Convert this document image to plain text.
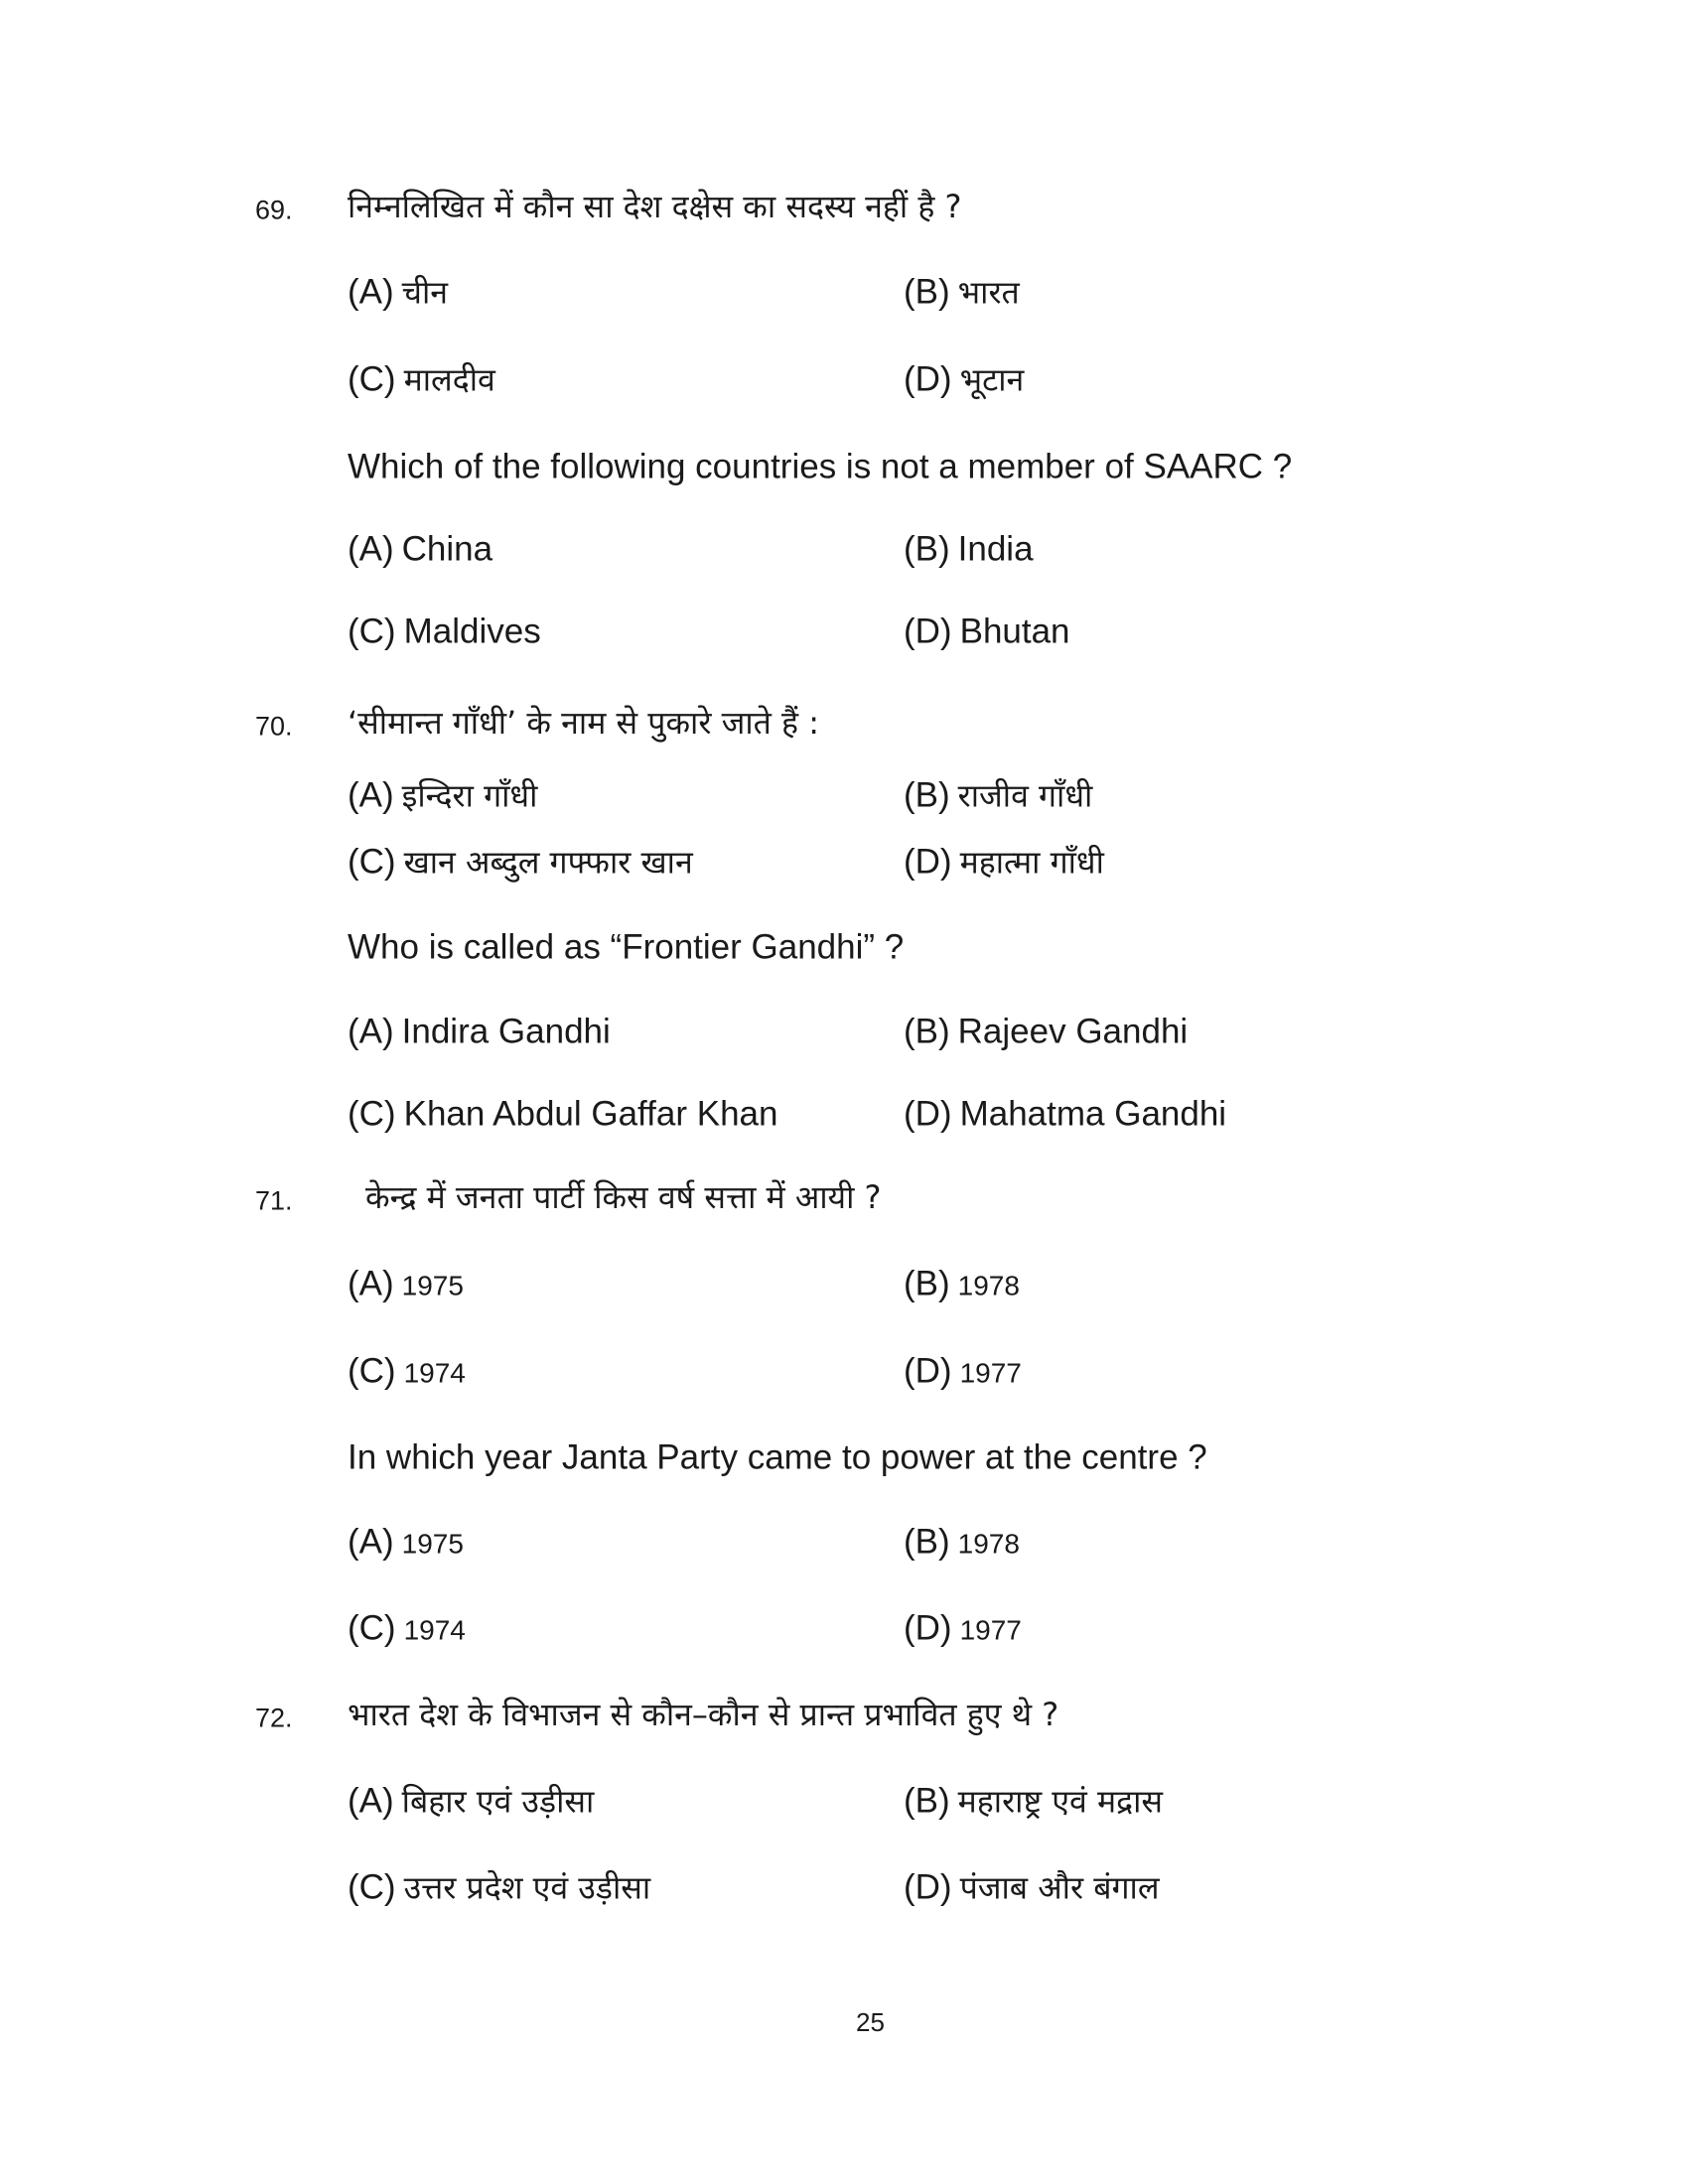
69. निम्नलिखित में कौन सा देश दक्षेस का सदस्य नहीं है ?
(A) चीन	(B) भारत
(C) मालदीव	(D) भूटान
Which of the following countries is not a member of SAARC ?
(A) China	(B) India
(C) Maldives	(D) Bhutan
70. ‘सीमान्त गाँधी’ के नाम से पुकारे जाते हैं :
(A) इन्दिरा गाँधी	(B) राजीव गाँधी
(C) खान अब्दुल गफ्फार खान	(D) महात्मा गाँधी
Who is called as “Frontier Gandhi” ?
(A) Indira Gandhi	(B) Rajeev Gandhi
(C) Khan Abdul Gaffar Khan	(D) Mahatma Gandhi
71. केन्द्र में जनता पार्टी किस वर्ष सत्ता में आयी ?
(A) 1975	(B) 1978
(C) 1974	(D) 1977
In which year Janta Party came to power at the centre ?
(A) 1975	(B) 1978
(C) 1974	(D) 1977
72. भारत देश के विभाजन से कौन–कौन से प्रान्त प्रभावित हुए थे ?
(A) बिहार एवं उड़ीसा	(B) महाराष्ट्र एवं मद्रास
(C) उत्तर प्रदेश एवं उड़ीसा	(D) पंजाब और बंगाल
25
